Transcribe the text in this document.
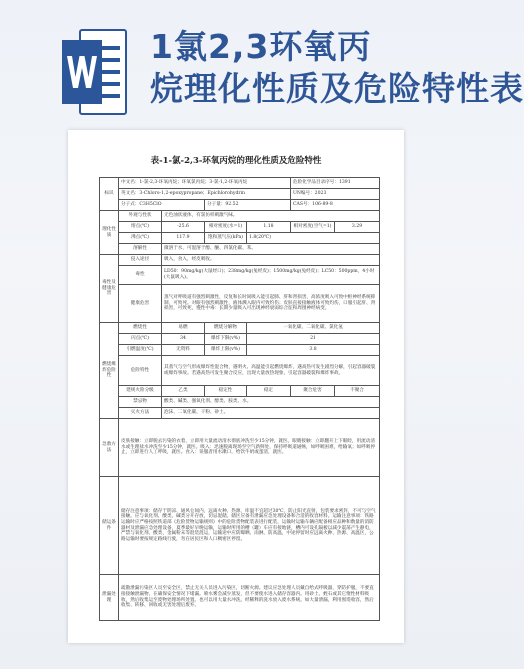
1氯2,3环氧丙
烷理化性质及危险特性表
表-1-氯-2,3-环氧丙烷的理化性质及危险特性
标识	中文名：1-氯-2,3-环氧丙烷；环氧氯丙烷；3-氯-1,2-环氧丙烷				危险化学品目录序号：1391	
	英文名：3-Chloro-1,2-epoxypropane；Epichlorohydrin				UN编号：2023	
	分子式：C3H5ClO		分子量：92.52		CAS号：106-89-8	
理化性质	外观与性状	无色油状液体，有氯仿样刺激气味。				
	熔点(℃)	-25.6	相对密度(水=1)	1.18	相对密度(空气=1)	3.29
	沸点(℃)	117.9	饱和蒸气压(kPa)	1.8(20℃)		
	溶解性	微溶于水，可混溶于醇、醚、四氯化碳、苯。				
毒性及健康危害	侵入途径	吸入，食入，经皮吸收。				
	毒性	LD50：90mg/kg(大鼠经口)；238mg/kg(兔经皮)；1500mg/kg(兔经皮)；LC50：500ppm，4小时(大鼠吸入)。				
	健康危害	蒸气对呼吸道有强烈刺激性，反复和长时间吸入能引起肺、肝和肾损害，高浓度吸入可致中枢神经系统抑制，可致死。对眼有强烈刺激性，液体溅入眼内可致灼伤；皮肤直接接触液体可致灼伤，口服引起肝、肾损害，可致死，慢性中毒：长期少量吸入可出现神经衰弱综合征和周围神经病变。				
燃烧爆炸危险性	燃烧性	易燃	燃烧分解物	一氧化碳、二氧化碳、氯化氢		
	闪点(℃)	34	爆炸下限(v%)	21		
	引燃温度(℃)	无资料	爆炸上限(v%)	3.8		
	危险特性	其蒸气与空气形成爆炸性混合物，遇明火、高温能引起燃烧爆炸，遇高热可发生剧烈分解，引起容器破裂或爆炸事故。若遇高热可发生聚合反应，出现大量放热现象，引起容器破裂和爆炸事故。				
	建规火险分级	乙类	稳定性	稳定	聚合危害	不聚合
	禁忌物	酸类、碱类、强氧化剂、醇类、胺类、水。				
	灭火方法	泡沫、二氧化碳、干粉、砂土。				
急救方法	皮肤接触：立即脱去污染的衣着，立即用大量流动清水彻底冲洗至少15分钟，就医。眼睛接触：立即翻开上下眼睑，用流动清水或生理盐水冲洗至少15分钟，就医。吸入：迅速脱离现场至空气新鲜处，保持呼吸道通畅，如呼吸困难，给输氧；如呼吸停止，立即进行人工呼吸，就医。食入：误服者用水漱口，给饮牛奶或蛋清，就医。					
储运条件	储存注意事项：储存于阴凉、通风仓间内，远离火种、热源，库温不宜超过30℃，防止阳光直射，包装要求密封，不可与空气接触。应与氧化剂、酸类、碱类分开存放，切忌混储。储区应备有泄漏应急处理设备和合适的收容材料。运输注意事项：铁路运输时应严格按照铁道部《危险货物运输规则》中的危险货物配装表进行配装，运输时运输车辆应配备相应品种和数量的消防器材及泄漏应急处理设备，夏季最好早晚运输，运输时所用的槽（罐）车应有接地链，槽内可设孔隔板以减少震荡产生静电，严禁与氧化剂、酸类、金属粉末等混装混运，运输途中应防曝晒、雨淋，防高温，中途停留时应远离火种、热源、高温区，公路运输时要按规定路线行驶，勿在居民区和人口稠密区停留。					
泄漏处理	疏散泄漏污染区人员至安全区，禁止无关人员进入污染区，切断火源。建议应急处理人员戴自给式呼吸器，穿防护服，不要直接接触泄漏物，在确保安全情况下堵漏。喷水雾会减少蒸发，但不要使水进入储存容器内。用砂土、蛭石或其它惰性材料吸收，然后收集运至废物处理场所处置。也可以用大量水冲洗，经稀释的洗水放入废水系统。如大量泄漏，利用围堤收容，然后收集、转移、回收或无害处理后废弃。					
